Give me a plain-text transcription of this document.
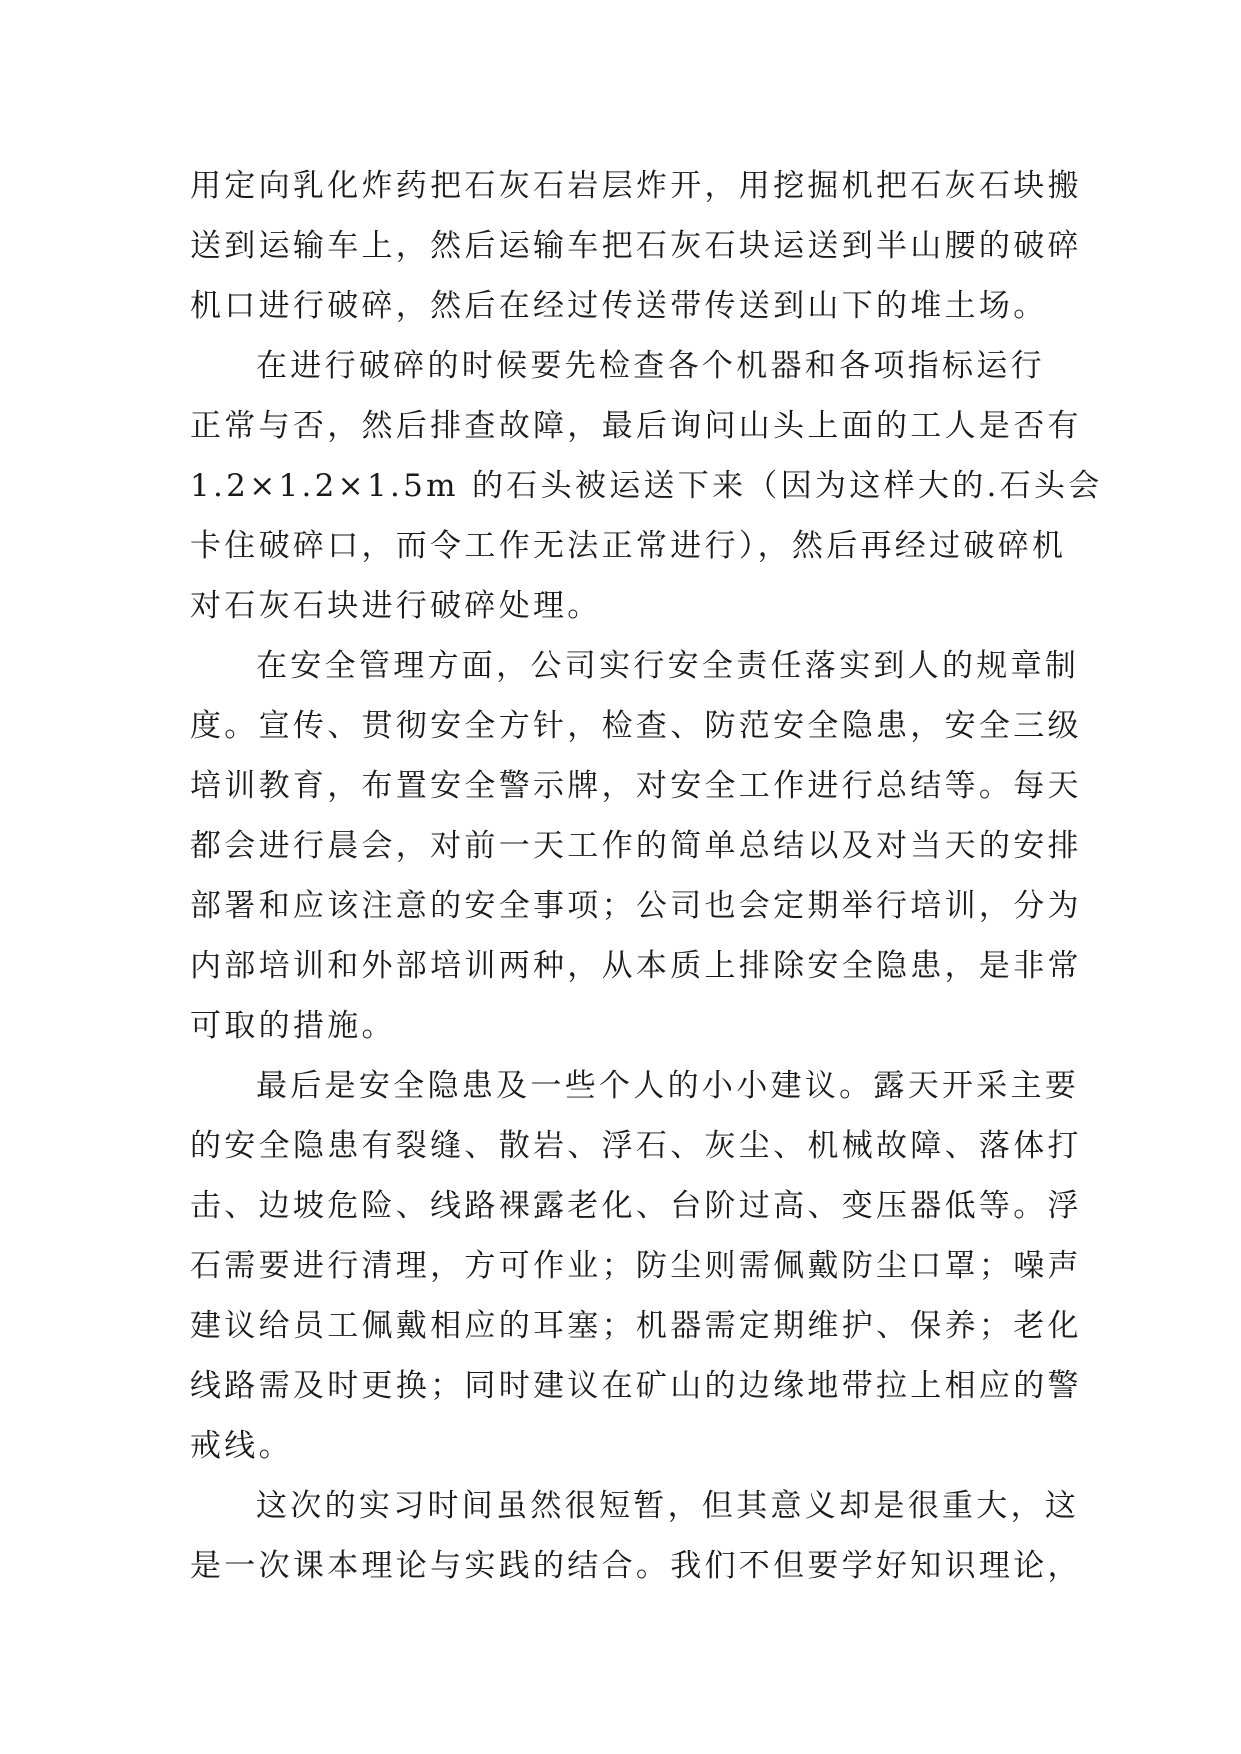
用定向乳化炸药把石灰石岩层炸开，用挖掘机把石灰石块搬
送到运输车上，然后运输车把石灰石块运送到半山腰的破碎
机口进行破碎，然后在经过传送带传送到山下的堆土场。
在进行破碎的时候要先检查各个机器和各项指标运行
正常与否，然后排查故障，最后询问山头上面的工人是否有
1.2×1.2×1.5m 的石头被运送下来（因为这样大的.石头会
卡住破碎口，而令工作无法正常进行），然后再经过破碎机
对石灰石块进行破碎处理。
在安全管理方面，公司实行安全责任落实到人的规章制
度。宣传、贯彻安全方针，检查、防范安全隐患，安全三级
培训教育，布置安全警示牌，对安全工作进行总结等。每天
都会进行晨会，对前一天工作的简单总结以及对当天的安排
部署和应该注意的安全事项；公司也会定期举行培训，分为
内部培训和外部培训两种，从本质上排除安全隐患，是非常
可取的措施。
最后是安全隐患及一些个人的小小建议。露天开采主要
的安全隐患有裂缝、散岩、浮石、灰尘、机械故障、落体打
击、边坡危险、线路裸露老化、台阶过高、变压器低等。浮
石需要进行清理，方可作业；防尘则需佩戴防尘口罩；噪声
建议给员工佩戴相应的耳塞；机器需定期维护、保养；老化
线路需及时更换；同时建议在矿山的边缘地带拉上相应的警
戒线。
这次的实习时间虽然很短暂，但其意义却是很重大，这
是一次课本理论与实践的结合。我们不但要学好知识理论，
